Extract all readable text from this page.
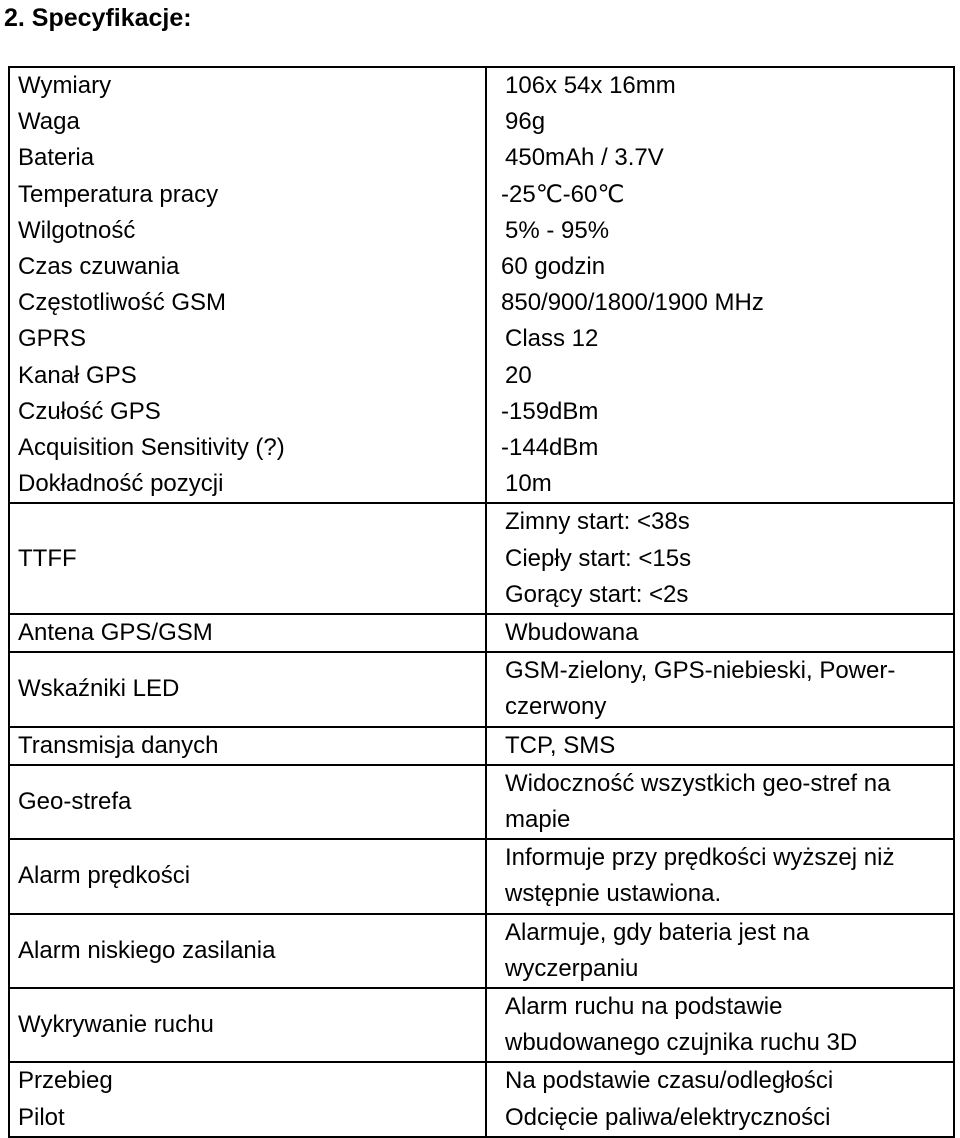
2. Specyfikacje:
Wymiary	106x 54x 16mm

Waga	96g

Bateria	450mAh / 3.7V

Temperatura pracy	-25℃-60℃

Wilgotność	5% - 95%

Czas czuwania	60 godzin

Częstotliwość GSM	850/900/1800/1900 MHz

GPRS	Class 12

Kanał GPS	20

Czułość GPS	-159dBm

Acquisition Sensitivity (?)	-144dBm

Dokładność pozycji	10m

TTFF	Zimny start: <38s
Ciepły start: <15s
Gorący start: <2s

Antena GPS/GSM	Wbudowana

Wskaźniki LED	GSM-zielony, GPS-niebieski, Power-
czerwony

Transmisja danych	TCP, SMS

Geo-strefa	Widoczność wszystkich geo-stref na
mapie

Alarm prędkości	Informuje przy prędkości wyższej niż
wstępnie ustawiona.

Alarm niskiego zasilania	Alarmuje, gdy bateria jest na
wyczerpaniu

Wykrywanie ruchu	Alarm ruchu na podstawie
wbudowanego czujnika ruchu 3D

Przebieg	Na podstawie czasu/odległości

Pilot	Odcięcie paliwa/elektryczności
